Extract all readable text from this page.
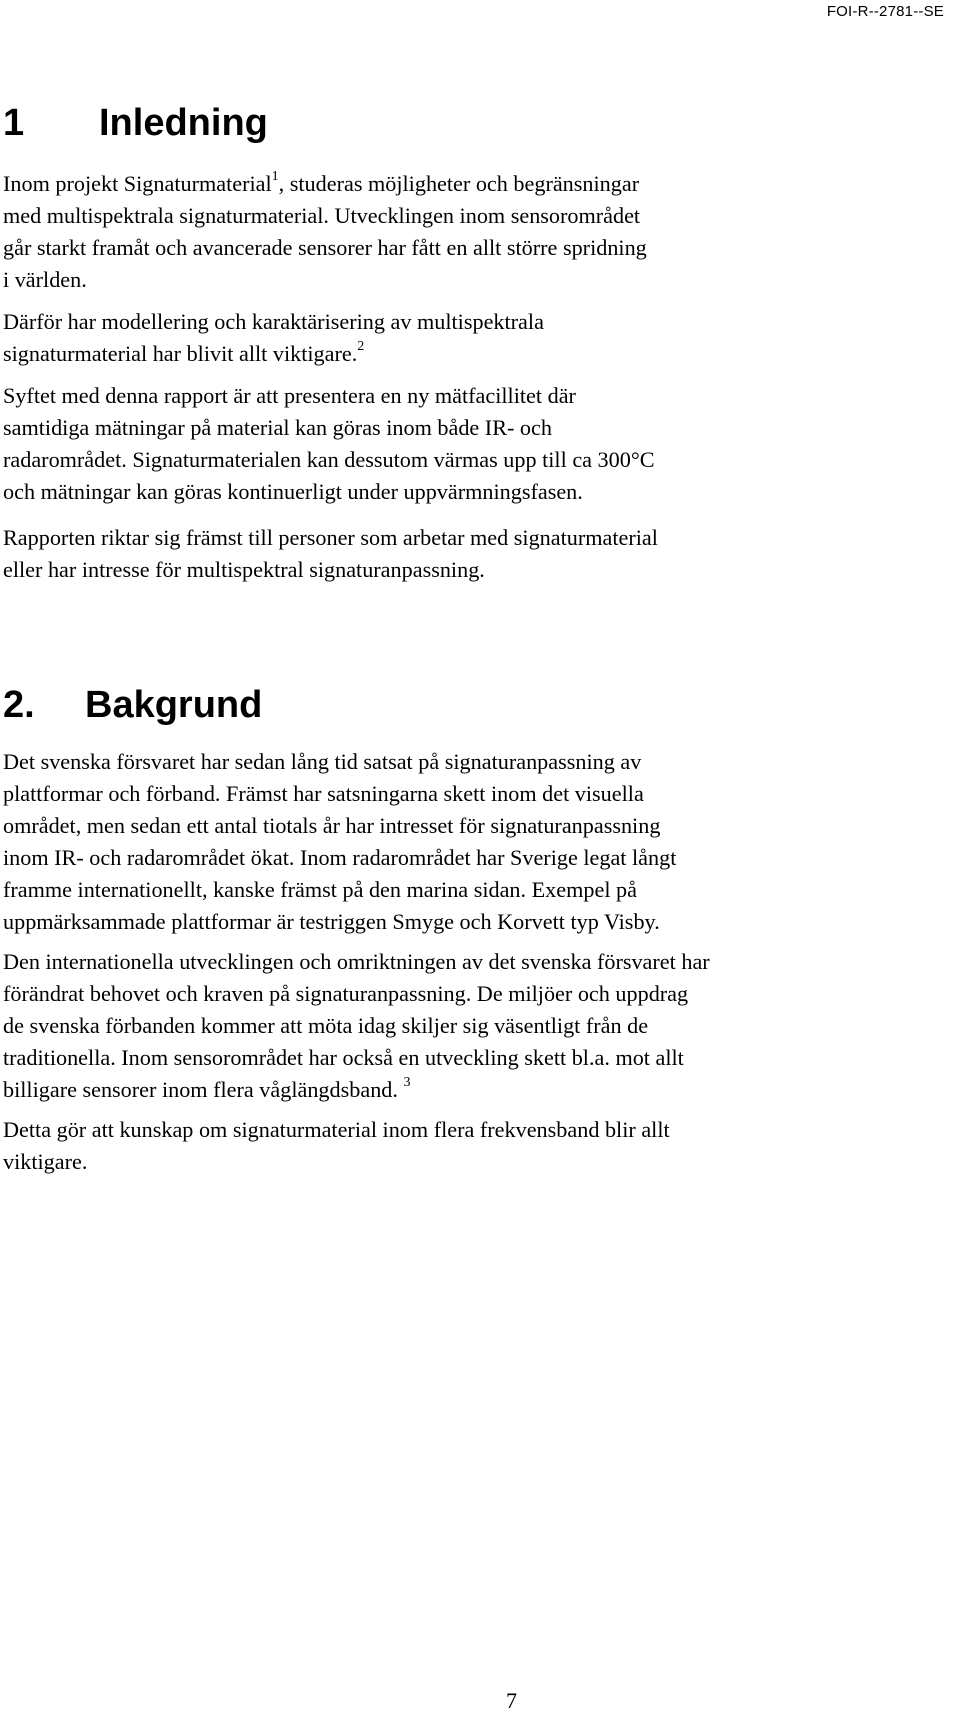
FOI-R--2781--SE
1 Inledning

Inom projekt Signaturmaterial$^1$, studeras möjligheter och begränsningar
med multispektrala signaturmaterial. Utvecklingen inom sensorområdet
går starkt framåt och avancerade sensorer har fått en allt större spridning
i världen.

Därför har modellering och karaktärisering av multispektrala
signaturmaterial har blivit allt viktigare.$^2$

Syftet med denna rapport är att presentera en ny mätfacillitet där
samtidiga mätningar på material kan göras inom både IR- och
radarområdet. Signaturmaterialen kan dessutom värmas upp till ca 300°C
och mätningar kan göras kontinuerligt under uppvärmningsfasen.

Rapporten riktar sig främst till personer som arbetar med signaturmaterial
eller har intresse för multispektral signaturanpassning.

2. Bakgrund

Det svenska försvaret har sedan lång tid satsat på signaturanpassning av
plattformar och förband. Främst har satsningarna skett inom det visuella
området, men sedan ett antal tiotals år har intresset för signaturanpassning
inom IR- och radarområdet ökat. Inom radarområdet har Sverige legat långt
framme internationellt, kanske främst på den marina sidan. Exempel på
uppmärksammade plattformar är testriggen Smyge och Korvett typ Visby.

Den internationella utvecklingen och omriktningen av det svenska försvaret har
förändrat behovet och kraven på signaturanpassning. De miljöer och uppdrag
de svenska förbanden kommer att möta idag skiljer sig väsentligt från de
traditionella. Inom sensorområdet har också en utveckling skett bl.a. mot allt
billigare sensorer inom flera våglängdsband. $^3$

Detta gör att kunskap om signaturmaterial inom flera frekvensband blir allt
viktigare.

7
